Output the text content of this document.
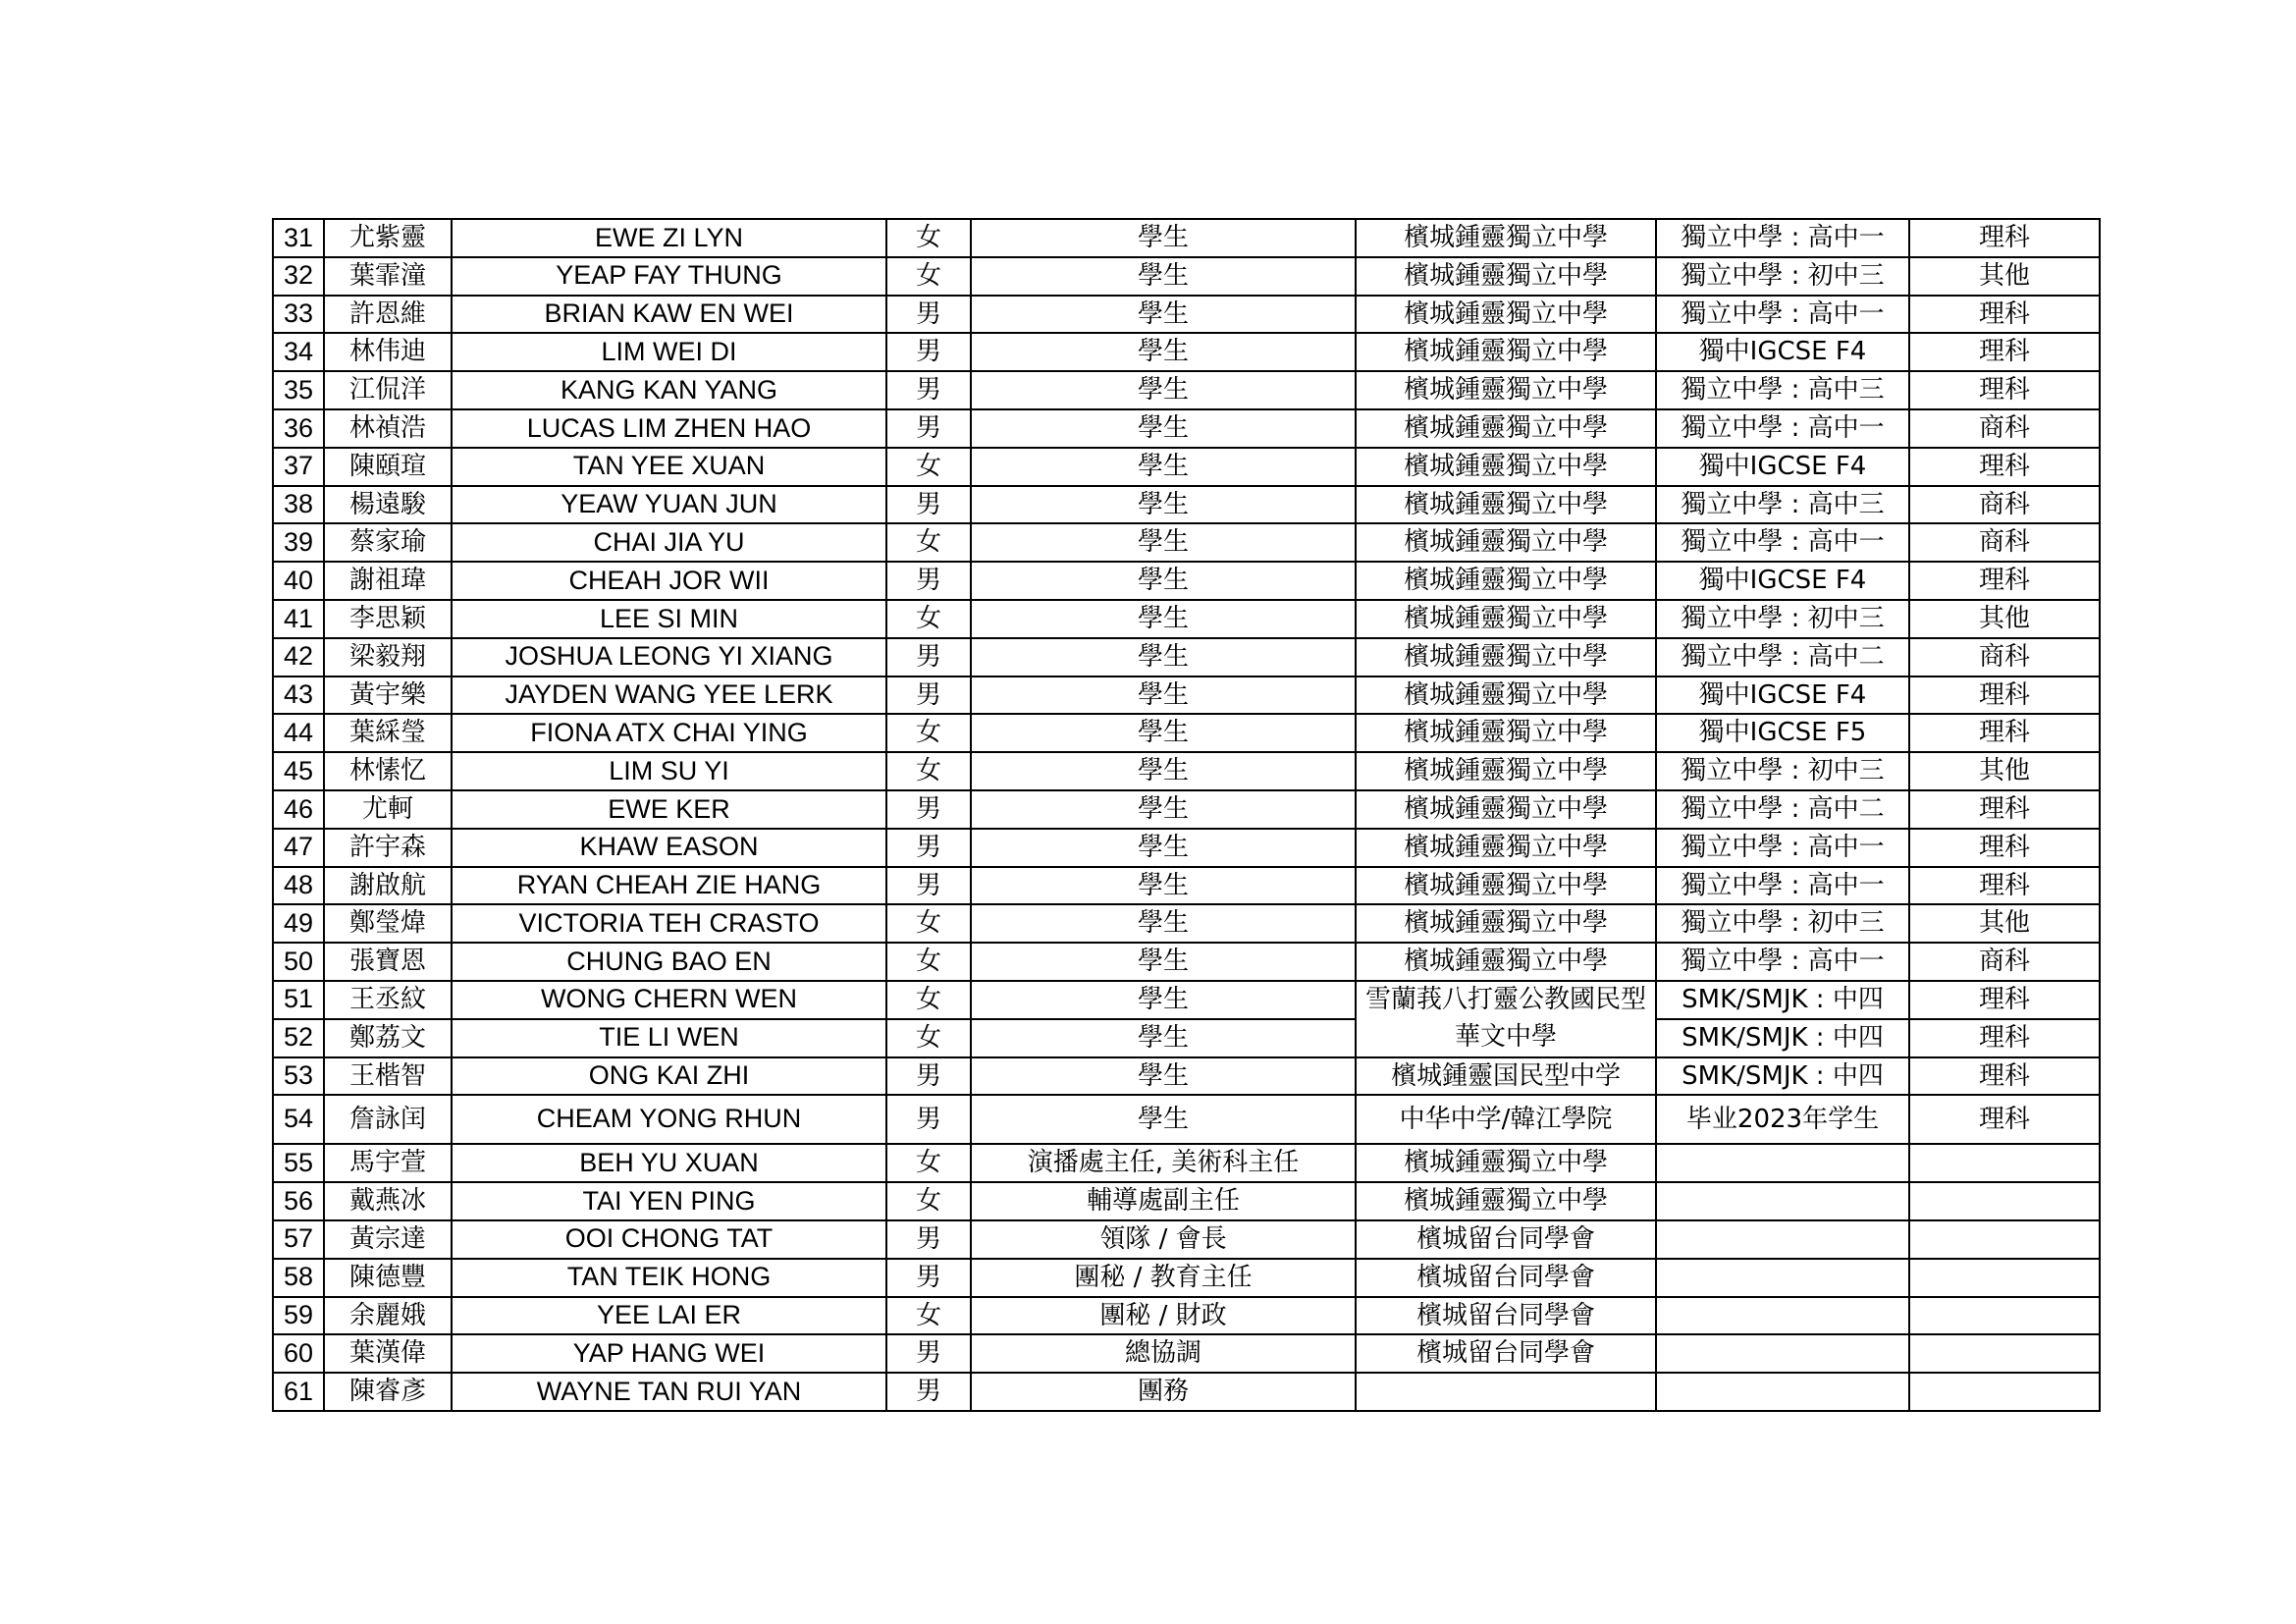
31	尤紫靈	EWE ZI LYN	女	學生	檳城鍾靈獨立中學	獨立中學 : 高中一	理科
32	葉霏潼	YEAP FAY THUNG	女	學生	檳城鍾靈獨立中學	獨立中學 : 初中三	其他
33	許恩維	BRIAN KAW EN WEI	男	學生	檳城鍾靈獨立中學	獨立中學 : 高中一	理科
34	林伟迪	LIM WEI DI	男	學生	檳城鍾靈獨立中學	獨中IGCSE F4	理科
35	江侃洋	KANG KAN YANG	男	學生	檳城鍾靈獨立中學	獨立中學 : 高中三	理科
36	林禎浩	LUCAS LIM ZHEN HAO	男	學生	檳城鍾靈獨立中學	獨立中學 : 高中一	商科
37	陳頤瑄	TAN YEE XUAN	女	學生	檳城鍾靈獨立中學	獨中IGCSE F4	理科
38	楊遠駿	YEAW YUAN JUN	男	學生	檳城鍾靈獨立中學	獨立中學 : 高中三	商科
39	蔡家瑜	CHAI JIA YU	女	學生	檳城鍾靈獨立中學	獨立中學 : 高中一	商科
40	謝祖瑋	CHEAH JOR WII	男	學生	檳城鍾靈獨立中學	獨中IGCSE F4	理科
41	李思颖	LEE SI MIN	女	學生	檳城鍾靈獨立中學	獨立中學 : 初中三	其他
42	梁毅翔	JOSHUA LEONG YI XIANG	男	學生	檳城鍾靈獨立中學	獨立中學 : 高中二	商科
43	黃宇樂	JAYDEN WANG YEE LERK	男	學生	檳城鍾靈獨立中學	獨中IGCSE F4	理科
44	葉綵瑩	FIONA ATX CHAI YING	女	學生	檳城鍾靈獨立中學	獨中IGCSE F5	理科
45	林愫忆	LIM SU YI	女	學生	檳城鍾靈獨立中學	獨立中學 : 初中三	其他
46	尤軻	EWE KER	男	學生	檳城鍾靈獨立中學	獨立中學 : 高中二	理科
47	許宇森	KHAW EASON	男	學生	檳城鍾靈獨立中學	獨立中學 : 高中一	理科
48	謝啟航	RYAN CHEAH ZIE HANG	男	學生	檳城鍾靈獨立中學	獨立中學 : 高中一	理科
49	鄭瑩煒	VICTORIA TEH CRASTO	女	學生	檳城鍾靈獨立中學	獨立中學 : 初中三	其他
50	張寶恩	CHUNG BAO EN	女	學生	檳城鍾靈獨立中學	獨立中學 : 高中一	商科
51	王丞紋	WONG CHERN WEN	女	學生	雪蘭莪八打靈公教國民型華文中學	SMK/SMJK : 中四	理科
52	鄭荔文	TIE LI WEN	女	學生		SMK/SMJK : 中四	理科
53	王楷智	ONG KAI ZHI	男	學生	檳城鍾靈国民型中学	SMK/SMJK : 中四	理科
54	詹詠闰	CHEAM YONG RHUN	男	學生	中华中学/韓江學院	毕业2023年学生	理科
55	馬宇萱	BEH YU XUAN	女	演播處主任, 美術科主任	檳城鍾靈獨立中學		
56	戴燕冰	TAI YEN PING	女	輔導處副主任	檳城鍾靈獨立中學		
57	黃宗達	OOI CHONG TAT	男	領隊 / 會長	檳城留台同學會		
58	陳德豐	TAN TEIK HONG	男	團秘 / 教育主任	檳城留台同學會		
59	余麗娥	YEE LAI ER	女	團秘 / 財政	檳城留台同學會		
60	葉漢偉	YAP HANG WEI	男	總協調	檳城留台同學會		
61	陳睿彥	WAYNE TAN RUI YAN	男	團務			
